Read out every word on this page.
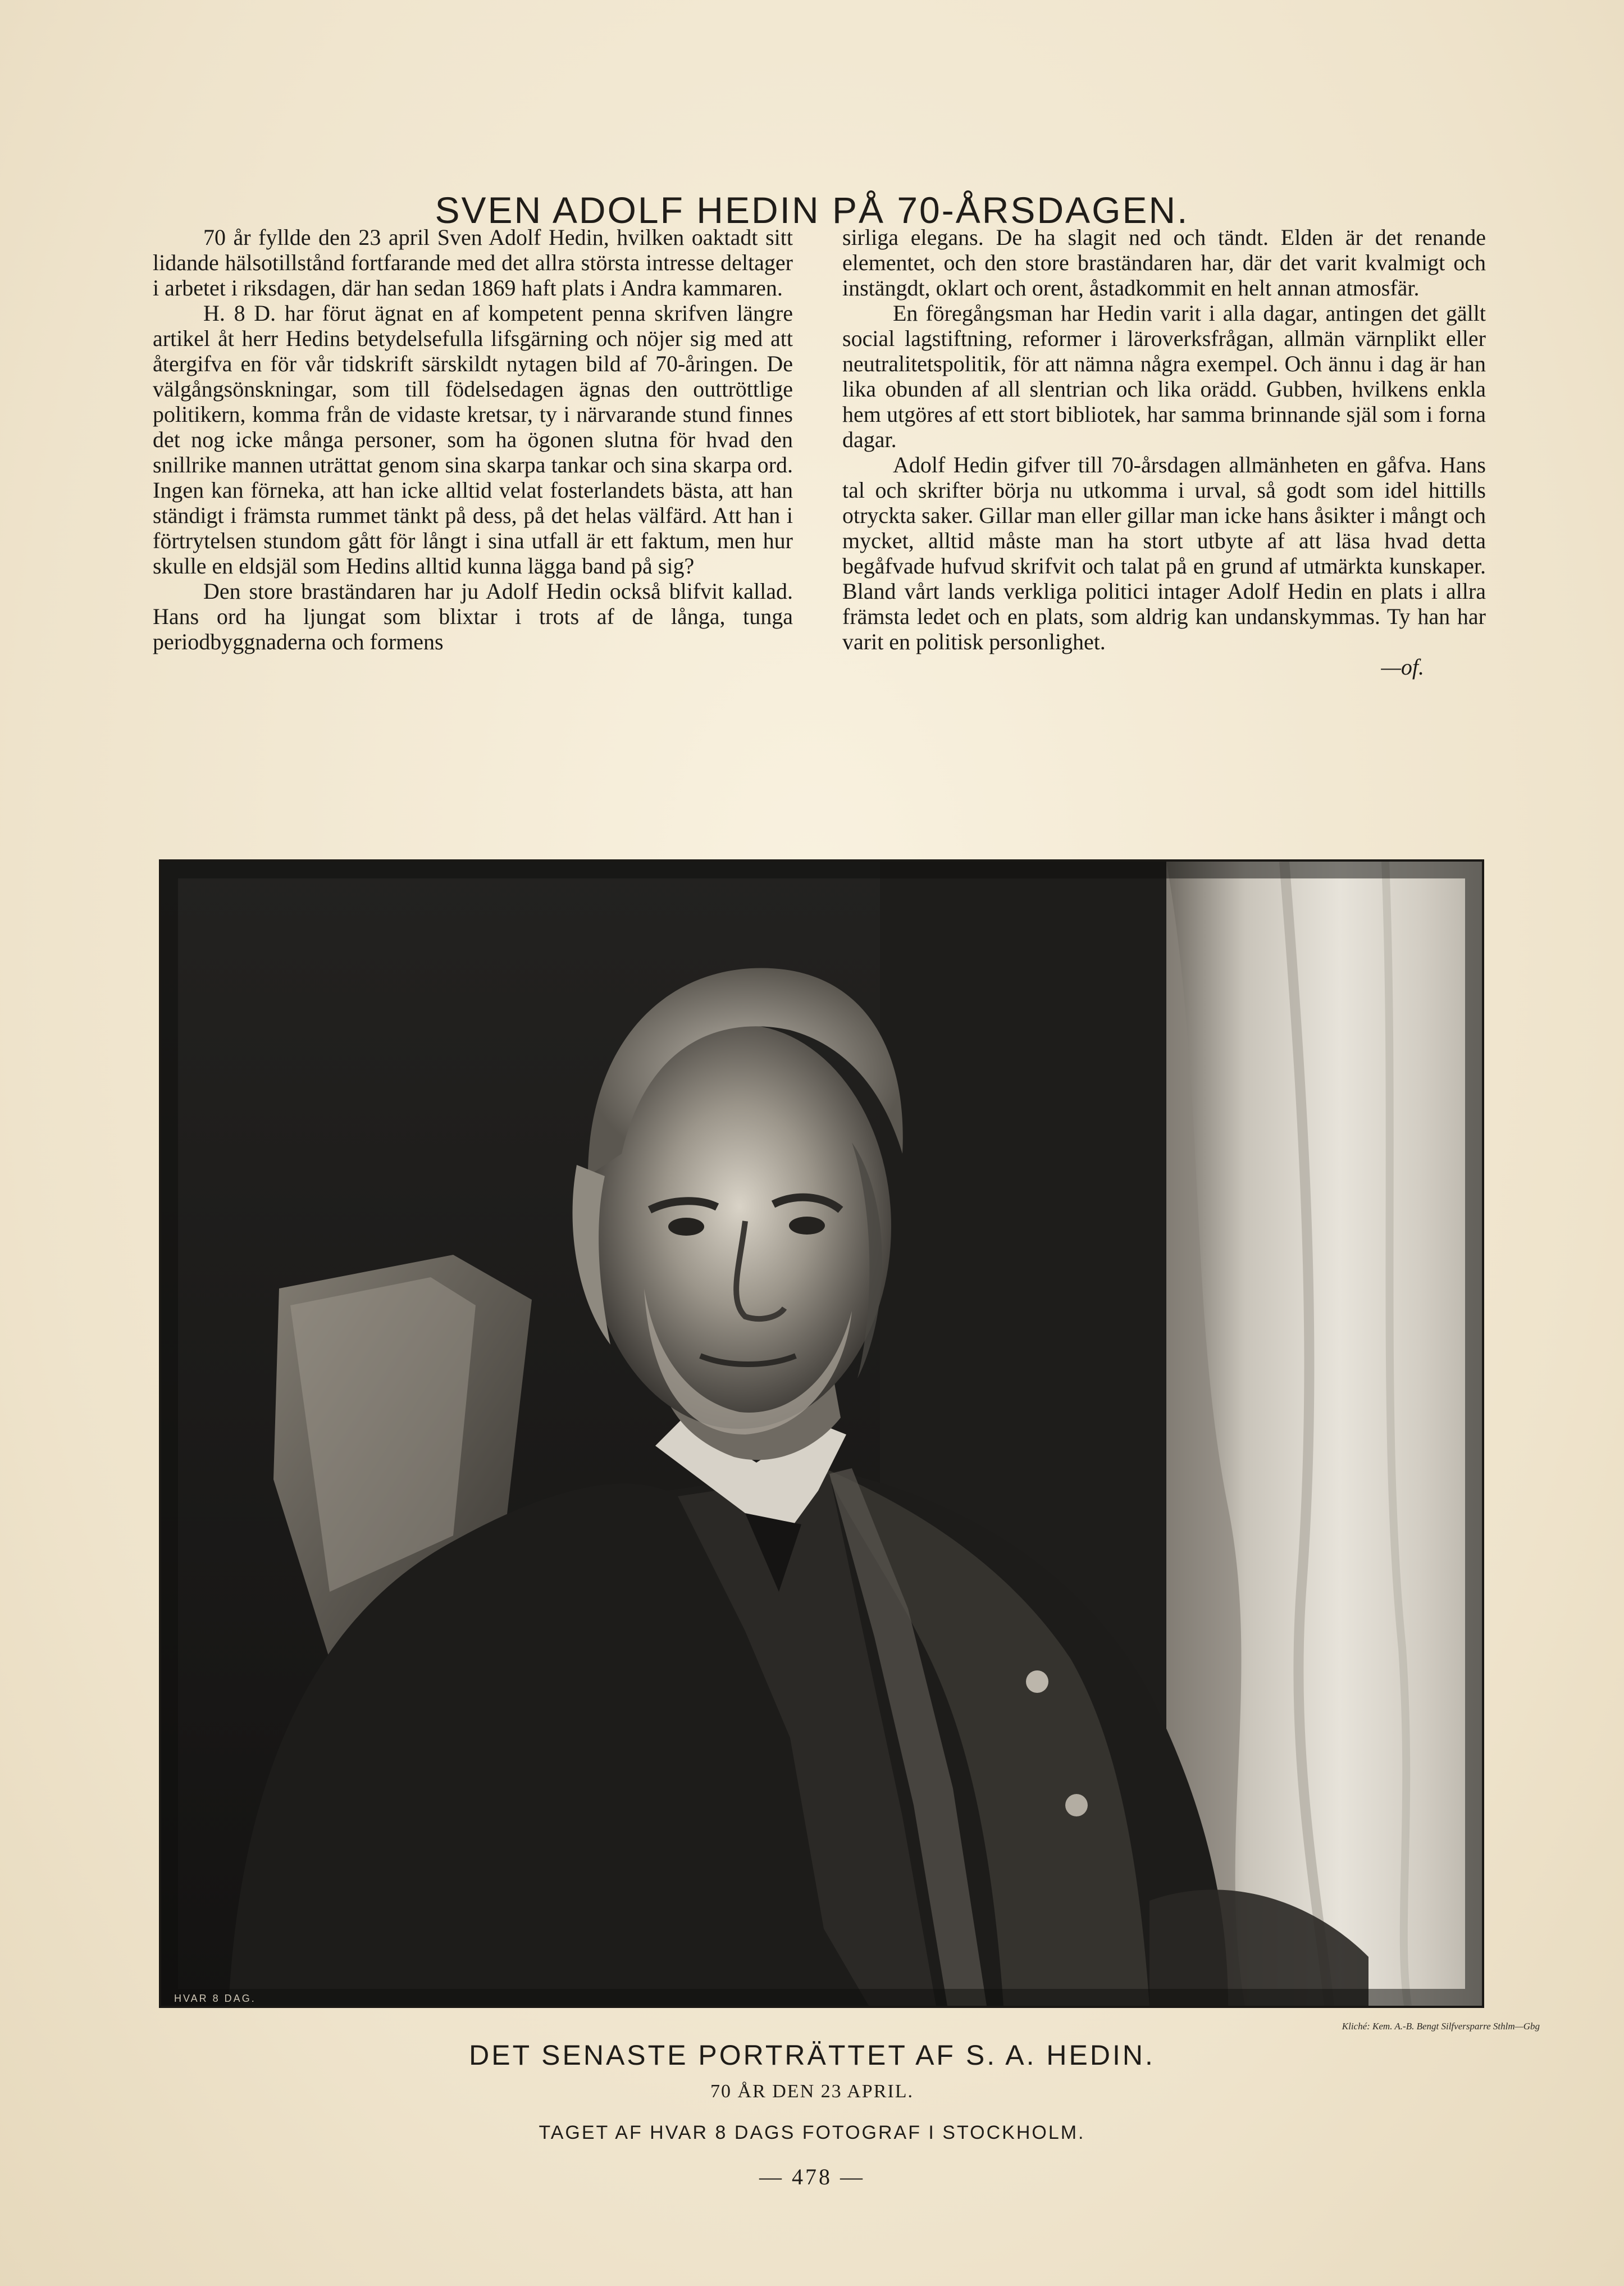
SVEN ADOLF HEDIN PÅ 70-ÅRSDAGEN.

70 år fyllde den 23 april Sven Adolf Hedin, hvilken oaktadt sitt lidande hälsotillstånd fortfarande med det allra största intresse deltager i arbetet i riksdagen, där han sedan 1869 haft plats i Andra kammaren.

H. 8 D. har förut ägnat en af kompetent penna skrifven längre artikel åt herr Hedins betydelsefulla lifsgärning och nöjer sig med att återgifva en för vår tidskrift särskildt nytagen bild af 70-åringen. De välgångsönskningar, som till födelsedagen ägnas den outtröttlige politikern, komma från de vidaste kretsar, ty i närvarande stund finnes det nog icke många personer, som ha ögonen slutna för hvad den snillrike mannen uträttat genom sina skarpa tankar och sina skarpa ord. Ingen kan förneka, att han icke alltid velat fosterlandets bästa, att han ständigt i främsta rummet tänkt på dess, på det helas välfärd. Att han i förtrytelsen stundom gått för långt i sina utfall är ett faktum, men hur skulle en eldsjäl som Hedins alltid kunna lägga band på sig?

Den store braständaren har ju Adolf Hedin också blifvit kallad. Hans ord ha ljungat som blixtar i trots af de långa, tunga periodbyggnaderna och formens

sirliga elegans. De ha slagit ned och tändt. Elden är det renande elementet, och den store braständaren har, där det varit kvalmigt och instängdt, oklart och orent, åstadkommit en helt annan atmosfär.

En föregångsman har Hedin varit i alla dagar, antingen det gällt social lagstiftning, reformer i läroverksfrågan, allmän värnplikt eller neutralitetspolitik, för att nämna några exempel. Och ännu i dag är han lika obunden af all slentrian och lika orädd. Gubben, hvilkens enkla hem utgöres af ett stort bibliotek, har samma brinnande själ som i forna dagar.

Adolf Hedin gifver till 70-årsdagen allmänheten en gåfva. Hans tal och skrifter börja nu utkomma i urval, så godt som idel hittills otryckta saker. Gillar man eller gillar man icke hans åsikter i mångt och mycket, alltid måste man ha stort utbyte af att läsa hvad detta begåfvade hufvud skrifvit och talat på en grund af utmärkta kunskaper. Bland vårt lands verkliga politici intager Adolf Hedin en plats i allra främsta ledet och en plats, som aldrig kan undanskymmas. Ty han har varit en politisk personlighet.

—of.
HVAR 8 DAG.
Kliché: Kem. A.-B. Bengt Silfversparre Sthlm—Gbg
DET SENASTE PORTRÄTTET AF S. A. HEDIN.
70 ÅR DEN 23 APRIL.
TAGET AF HVAR 8 DAGS FOTOGRAF I STOCKHOLM.
— 478 —
